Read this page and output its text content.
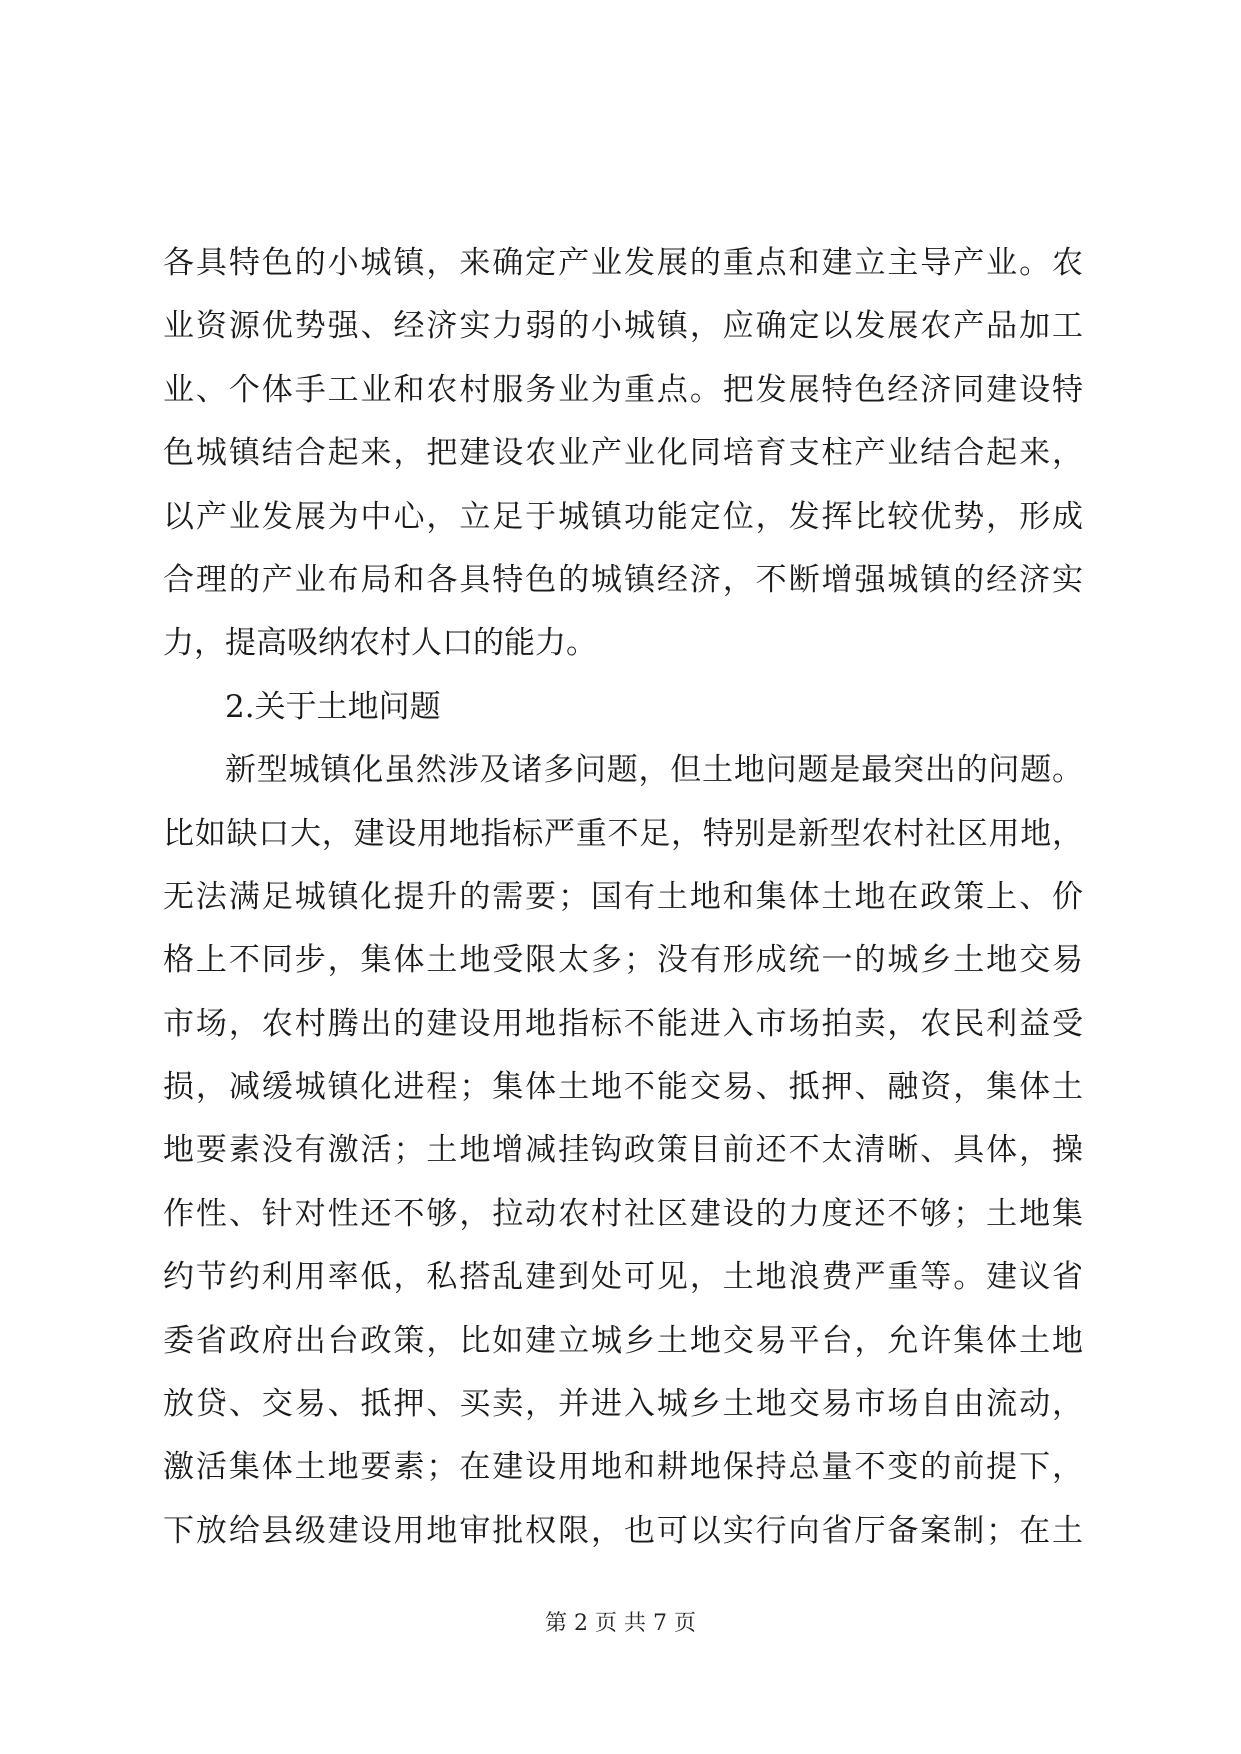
各具特色的小城镇，来确定产业发展的重点和建立主导产业。农
业资源优势强、经济实力弱的小城镇，应确定以发展农产品加工
业、个体手工业和农村服务业为重点。把发展特色经济同建设特
色城镇结合起来，把建设农业产业化同培育支柱产业结合起来，
以产业发展为中心，立足于城镇功能定位，发挥比较优势，形成
合理的产业布局和各具特色的城镇经济，不断增强城镇的经济实
力，提高吸纳农村人口的能力。
2.关于土地问题
新型城镇化虽然涉及诸多问题，但土地问题是最突出的问题。
比如缺口大，建设用地指标严重不足，特别是新型农村社区用地，
无法满足城镇化提升的需要；国有土地和集体土地在政策上、价
格上不同步，集体土地受限太多；没有形成统一的城乡土地交易
市场，农村腾出的建设用地指标不能进入市场拍卖，农民利益受
损，减缓城镇化进程；集体土地不能交易、抵押、融资，集体土
地要素没有激活；土地增减挂钩政策目前还不太清晰、具体，操
作性、针对性还不够，拉动农村社区建设的力度还不够；土地集
约节约利用率低，私搭乱建到处可见，土地浪费严重等。建议省
委省政府出台政策，比如建立城乡土地交易平台，允许集体土地
放贷、交易、抵押、买卖，并进入城乡土地交易市场自由流动，
激活集体土地要素；在建设用地和耕地保持总量不变的前提下，
下放给县级建设用地审批权限，也可以实行向省厅备案制；在土
第 2 页 共 7 页
